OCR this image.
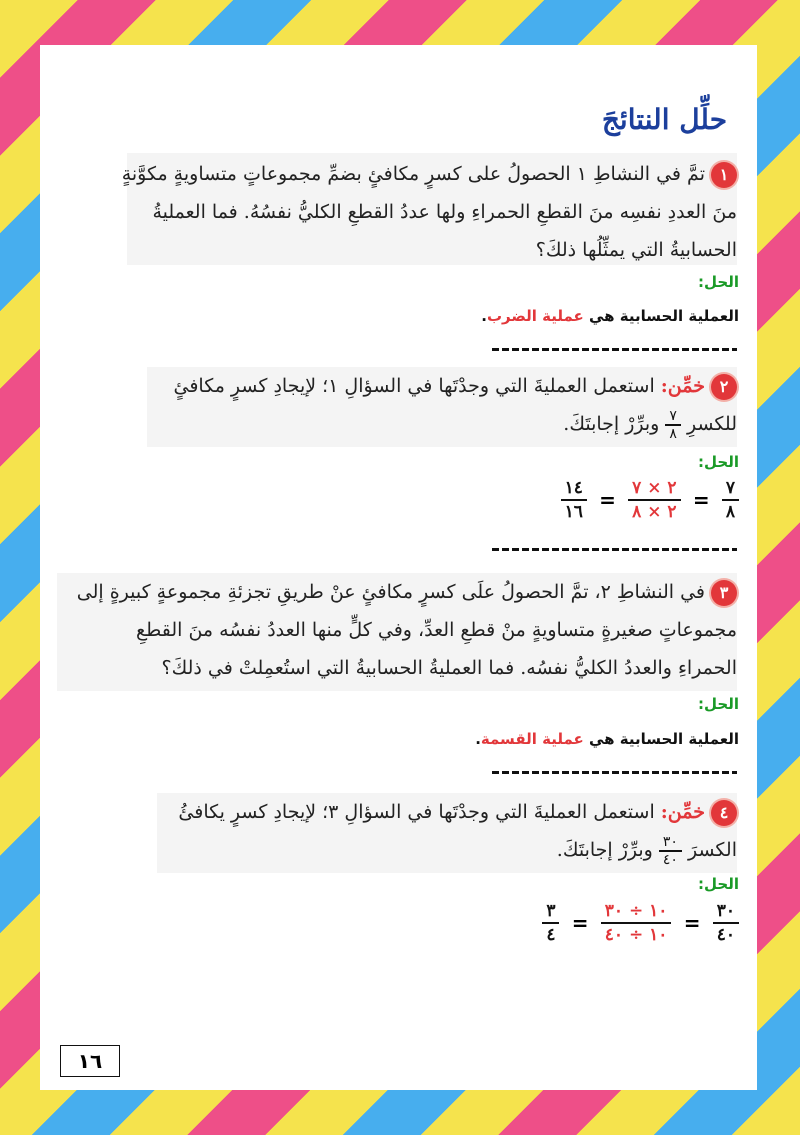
حلِّل النتائجَ
١تمَّ في النشاطِ ١ الحصولُ على كسرٍ مكافئٍ بضمِّ مجموعاتٍ متساويةٍ مكوَّنةٍ
منَ العددِ نفسِه منَ القطعِ الحمراءِ ولها عددُ القطعِ الكليُّ نفسُهُ. فما العمليةُ
الحسابيةُ التي يمثِّلُها ذلكَ؟
الحل:
العملية الحسابية هي عملية الضرب.
٢خمِّن: استعمل العمليةَ التي وجدْتَها في السؤالِ ١؛ لإيجادِ كسرٍ مكافئٍ
للكسرِ
$\frac{٧}{٨}$
وبرِّرْ إجابتَكَ.
الحل:
$\frac{٧}{٨}$
=
$\frac{٢ \times ٧}{٢ \times ٨}$
=
$\frac{١٤}{١٦}$
٣في النشاطِ ٢، تمَّ الحصولُ علَى كسرٍ مكافئٍ عنْ طريقِ تجزئةِ مجموعةٍ كبيرةٍ إلى
مجموعاتٍ صغيرةٍ متساويةٍ منْ قطعِ العدِّ، وفي كلٍّ منها العددُ نفسُه منَ القطعِ
الحمراءِ والعددُ الكليُّ نفسُه. فما العمليةُ الحسابيةُ التي استُعمِلتْ في ذلكَ؟
الحل:
العملية الحسابية هي عملية القسمة.
٤خمِّن: استعمل العمليةَ التي وجدْتَها في السؤالِ ٣؛ لإيجادِ كسرٍ يكافئُ
الكسرَ
$\frac{٣٠}{٤٠}$
وبرِّرْ إجابتَكَ.
الحل:
$\frac{٣٠}{٤٠}$
=
$\frac{١٠ \div ٣٠}{١٠ \div ٤٠}$
=
$\frac{٣}{٤}$
١٦
